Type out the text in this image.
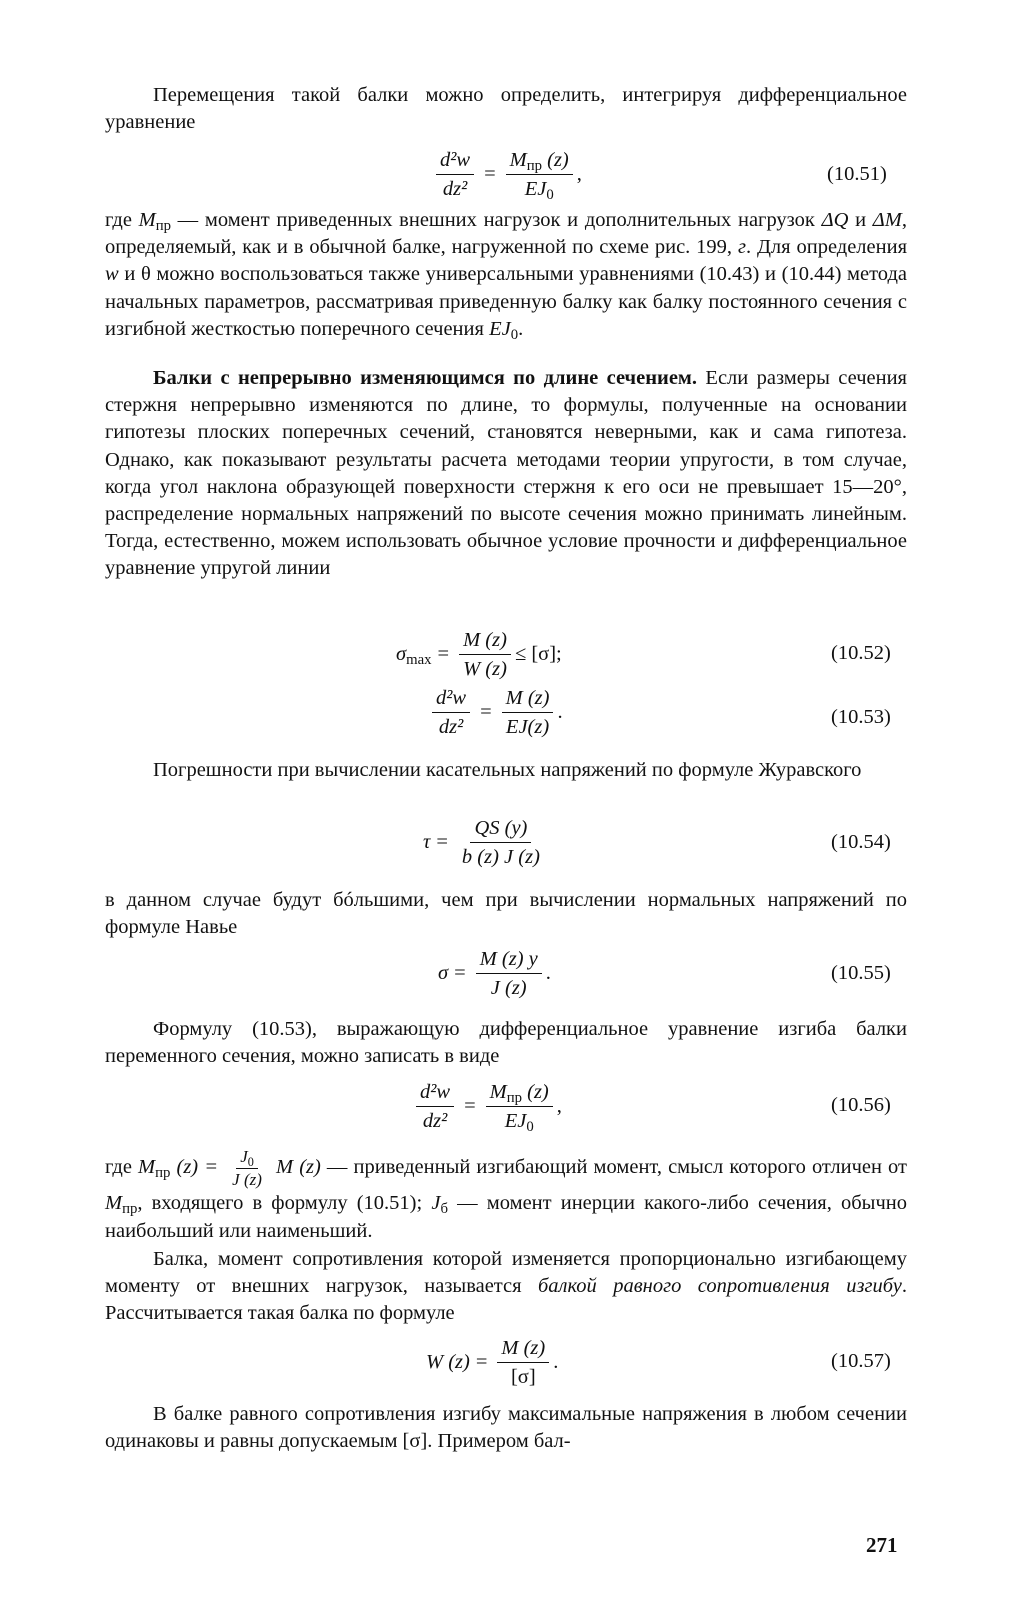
Перемещения такой балки можно определить, интегрируя дифференциальное уравнение

$\frac{\text{d²w}}{\text{dz²}} = \frac{M_{пр} (z)}{EJ_0}$ ,	(10.51)

где $M_{пр}$ — момент приведенных внешних нагрузок и дополнительных нагрузок ΔQ и ΔM, определяемый, как и в обычной балке, нагруженной по схеме рис. 199, г. Для определения w и θ можно воспользоваться также универсальными уравнениями (10.43) и (10.44) метода начальных параметров, рассматривая приведенную балку как балку постоянного сечения с изгибной жесткостью поперечного сечения $EJ_0$.

Балки с непрерывно изменяющимся по длине сечением. Если размеры сечения стержня непрерывно изменяются по длине, то формулы, полученные на основании гипотезы плоских поперечных сечений, становятся неверными, как и сама гипотеза. Однако, как показывают результаты расчета методами теории упругости, в том случае, когда угол наклона образующей поверхности стержня к его оси не превышает 15—20°, распределение нормальных напряжений по высоте сечения можно принимать линейным. Тогда, естественно, можем использовать обычное условие прочности и дифференциальное уравнение упругой линии

$\sigma_{max} = \frac{M (z)}{W (z)} \le [\sigma]$;	(10.52)
$\frac{\text{d²w}}{\text{dz²}} = \frac{M (z)}{EJ(z)}$ .	(10.53)

Погрешности при вычислении касательных напряжений по формуле Журавского

$\tau = \frac{QS (y)}{b (z) J (z)}$	(10.54)

в данном случае будут бóльшими, чем при вычислении нормальных напряжений по формуле Навье

$\sigma = \frac{M (z) y}{J (z)}$ .	(10.55)

Формулу (10.53), выражающую дифференциальное уравнение изгиба балки переменного сечения, можно записать в виде

$\frac{\text{d²w}}{\text{dz²}} = \frac{M_{пр} (z)}{EJ_0}$ ,	(10.56)

где $M_{пр}$ $(z) = \frac{J_0}{J (z)}$ M (z) — приведенный изгибающий момент, смысл которого отличен от $M_{пр}$, входящего в формулу (10.51); $J_б$ — момент инерции какого-либо сечения, обычно наибольший или наименьший.

Балка, момент сопротивления которой изменяется пропорционально изгибающему моменту от внешних нагрузок, называется балкой равного сопротивления изгибу. Рассчитывается такая балка по формуле

W $(z) = \frac{M (z)}{[\sigma]}$ .	(10.57)

В балке равного сопротивления изгибу максимальные напряжения в любом сечении одинаковы и равны допускаемым [σ]. Примером бал-

271
